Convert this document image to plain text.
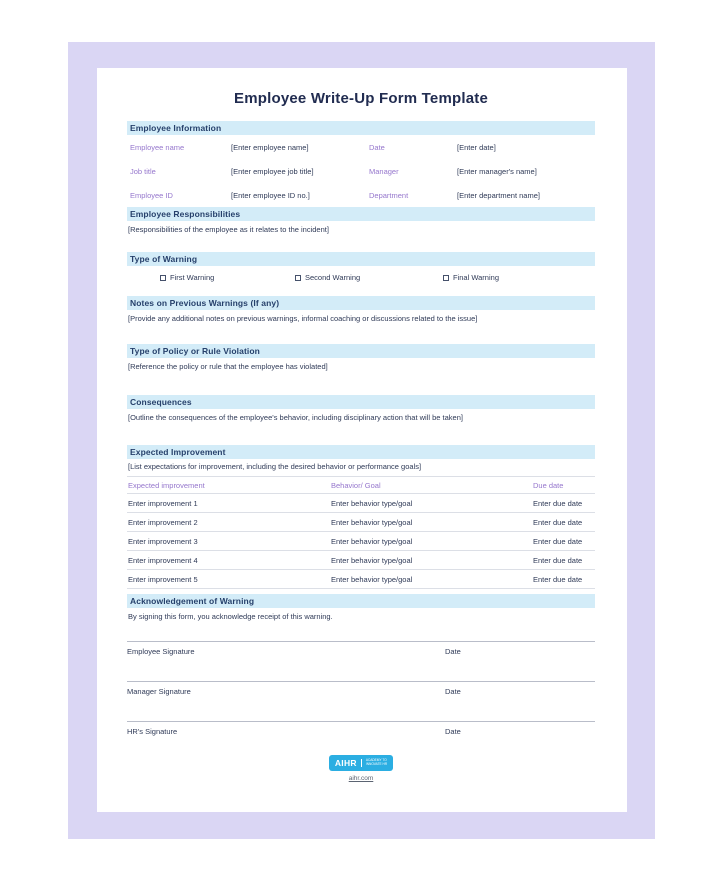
Employee Write-Up Form Template
Employee Information
Employee name	[Enter employee name]	Date	[Enter date]
Job title	[Enter employee job title]	Manager	[Enter manager's name]
Employee ID	[Enter employee ID no.]	Department	[Enter department name]
Employee Responsibilities
[Responsibilities of the employee as it relates to the incident]
Type of Warning
First Warning	Second Warning	Final Warning
Notes on Previous Warnings (If any)
[Provide any additional notes on previous warnings, informal coaching or discussions related to the issue]
Type of Policy or Rule Violation
[Reference the policy or rule that the employee has violated]
Consequences
[Outline the consequences of the employee's behavior, including disciplinary action that will be taken]
Expected Improvement
[List expectations for improvement, including the desired behavior or performance goals]
Expected improvement	Behavior/ Goal	Due date
Enter improvement 1	Enter behavior type/goal	Enter due date
Enter improvement 2	Enter behavior type/goal	Enter due date
Enter improvement 3	Enter behavior type/goal	Enter due date
Enter improvement 4	Enter behavior type/goal	Enter due date
Enter improvement 5	Enter behavior type/goal	Enter due date
Acknowledgement of Warning
By signing this form, you acknowledge receipt of this warning.
Employee Signature	Date
Manager Signature	Date
HR's Signature	Date
AIHR	ACADEMY TO
INNOVATE HR
aihr.com
